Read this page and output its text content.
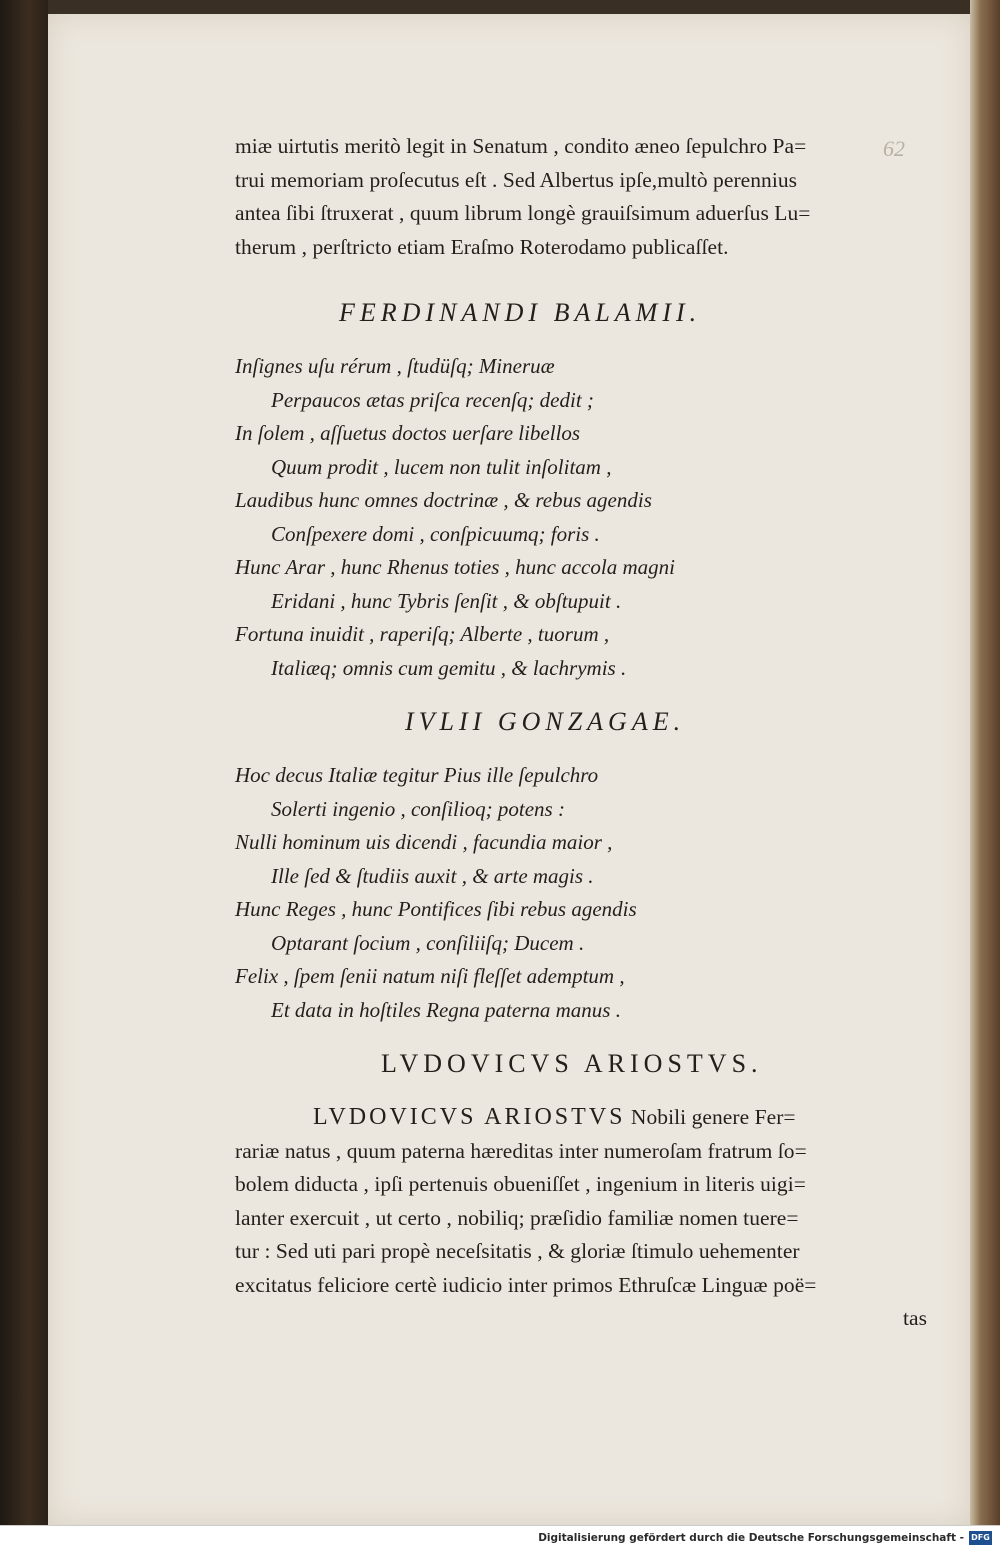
62
miæ uirtutis meritò legit in Senatum , condito æneo ſepulchro Pa=
trui memoriam proſecutus eſt . Sed Albertus ipſe,multò perennius
antea ſibi ſtruxerat , quum librum longè grauiſsimum aduerſus Lu=
therum , perſtricto etiam Eraſmo Roterodamo publicaſſet.
FERDINANDI BALAMII.
Inſignes uſu rérum , ſtudüſq; Mineruæ
Perpaucos ætas priſca recenſq; dedit ;
In ſolem , aſſuetus doctos uerſare libellos
Quum prodit , lucem non tulit inſolitam ,
Laudibus hunc omnes doctrinæ , & rebus agendis
Conſpexere domi , conſpicuumq; foris .
Hunc Arar , hunc Rhenus toties , hunc accola magni
Eridani , hunc Tybris ſenſit , & obſtupuit .
Fortuna inuidit , raperiſq; Alberte , tuorum ,
Italiæq; omnis cum gemitu , & lachrymis .
IVLII GONZAGAE.
Hoc decus Italiæ tegitur Pius ille ſepulchro
Solerti ingenio , conſilioq; potens :
Nulli hominum uis dicendi , facundia maior ,
Ille ſed & ſtudiis auxit , & arte magis .
Hunc Reges , hunc Pontifices ſibi rebus agendis
Optarant ſocium , conſiliiſq; Ducem .
Felix , ſpem ſenii natum niſi fleſſet ademptum ,
Et data in hoſtiles Regna paterna manus .
LVDOVICVS ARIOSTVS.
LVDOVICVS ARIOSTVS Nobili genere Fer=
rariæ natus , quum paterna hæreditas inter numeroſam fratrum ſo=
bolem diducta , ipſi pertenuis obueniſſet , ingenium in literis uigi=
lanter exercuit , ut certo , nobiliq; præſidio familiæ nomen tuere=
tur : Sed uti pari propè neceſsitatis , & gloriæ ſtimulo uehementer
excitatus feliciore certè iudicio inter primos Ethruſcæ Linguæ poë=
tas
Digitalisierung gefördert durch die Deutsche Forschungsgemeinschaft - DFG
